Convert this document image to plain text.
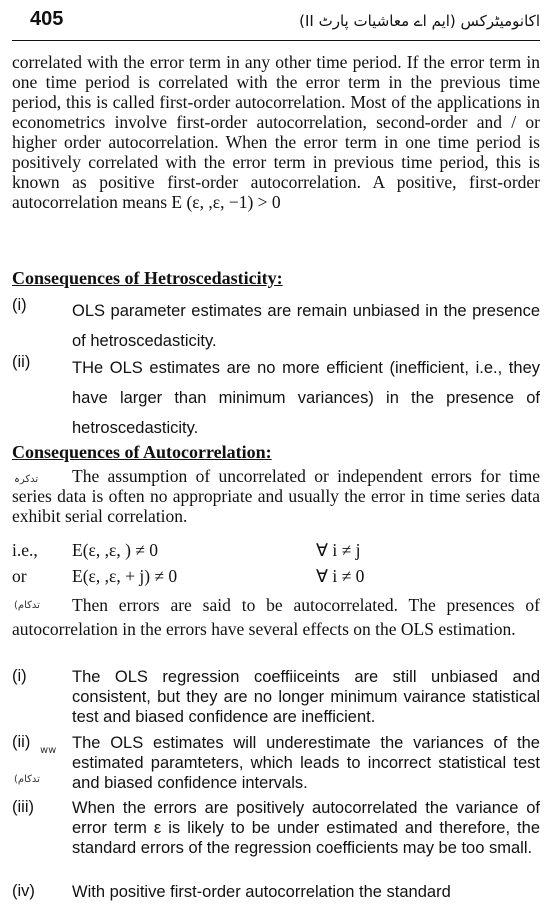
405	اکانومیٹرکس (ایم اے معاشیات پارٹ II)
correlated with the error term in any other time period. If the error term in one time period is correlated with the error term in the previous time period, this is called first-order autocorrelation. Most of the applications in econometrics involve first-order autocorrelation, second-order and / or higher order autocorrelation. When the error term in one time period is positively correlated with the error term in previous time period, this is known as positive first-order autocorrelation. A positive, first-order autocorrelation means E (ε, ,ε, −1) > 0
Consequences of Hetroscedasticity:
(i)	OLS parameter estimates are remain unbiased in the presence of hetroscedasticity.
(ii)	THe OLS estimates are no more efficient (inefficient, i.e., they have larger than minimum variances) in the presence of hetroscedasticity.
Consequences of Autocorrelation:
تدکرہ	The assumption of uncorrelated or independent errors for time series data is often no appropriate and usually the error in time series data exhibit serial correlation.
i.e., E(ε, ,ε, ) ≠ 0	∀ i ≠ j
or	E(ε, ,ε, + j) ≠ 0	∀ i ≠ 0
(تدکام	Then errors are said to be autocorrelated. The presences of autocorrelation in the errors have several effects on the OLS estimation.
(i)	The OLS regression coeffiiceints are still unbiased and consistent, but they are no longer minimum vairance statistical test and biased confidence are inefficient.
ww
(تدکام
(ii)	The OLS estimates will underestimate the variances of the estimated paramteters, which leads to incorrect statistical test and biased confidence intervals.
(iii) When the errors are positively autocorrelated the variance of error term ε is likely to be under estimated and therefore, the standard errors of the regression coefficients may be too small.
(iv) With positive first-order autocorrelation the standard
